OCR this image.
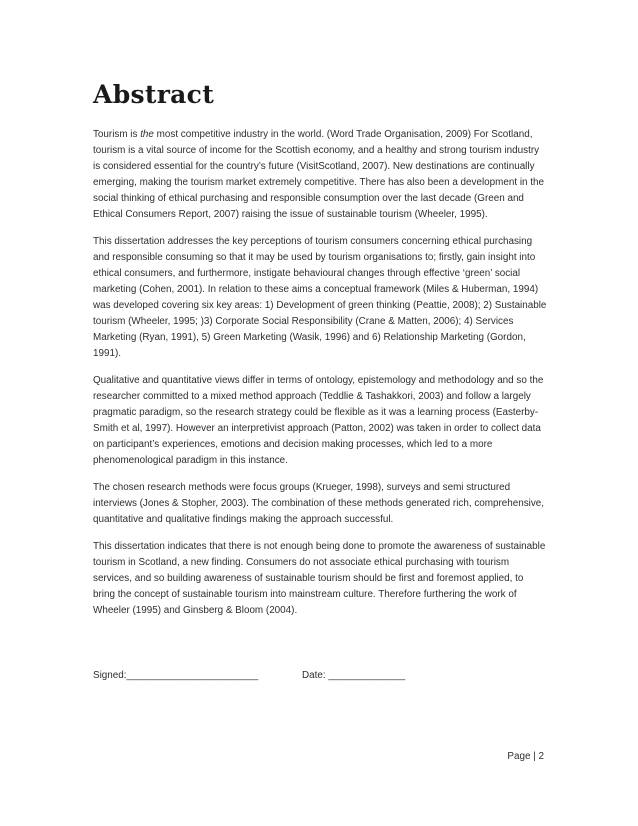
Abstract

Tourism is the most competitive industry in the world. (Word Trade Organisation, 2009) For Scotland, tourism is a vital source of income for the Scottish economy, and a healthy and strong tourism industry is considered essential for the country’s future (VisitScotland, 2007). New destinations are continually emerging, making the tourism market extremely competitive. There has also been a development in the social thinking of ethical purchasing and responsible consumption over the last decade (Green and Ethical Consumers Report, 2007) raising the issue of sustainable tourism (Wheeler, 1995).

This dissertation addresses the key perceptions of tourism consumers concerning ethical purchasing and responsible consuming so that it may be used by tourism organisations to; firstly, gain insight into ethical consumers, and furthermore, instigate behavioural changes through effective ‘green’ social marketing (Cohen, 2001). In relation to these aims a conceptual framework (Miles & Huberman, 1994) was developed covering six key areas: 1) Development of green thinking (Peattie, 2008); 2) Sustainable tourism (Wheeler, 1995; )3) Corporate Social Responsibility (Crane & Matten, 2006); 4) Services Marketing (Ryan, 1991), 5) Green Marketing (Wasik, 1996) and 6) Relationship Marketing (Gordon, 1991).

Qualitative and quantitative views differ in terms of ontology, epistemology and methodology and so the researcher committed to a mixed method approach (Teddlie & Tashakkori, 2003) and follow a largely pragmatic paradigm, so the research strategy could be flexible as it was a learning process (Easterby-Smith et al, 1997). However an interpretivist approach (Patton, 2002) was taken in order to collect data on participant’s experiences, emotions and decision making processes, which led to a more phenomenological paradigm in this instance.

The chosen research methods were focus groups (Krueger, 1998), surveys and semi structured interviews (Jones & Stopher, 2003). The combination of these methods generated rich, comprehensive, quantitative and qualitative findings making the approach successful.

This dissertation indicates that there is not enough being done to promote the awareness of sustainable tourism in Scotland, a new finding. Consumers do not associate ethical purchasing with tourism services, and so building awareness of sustainable tourism should be first and foremost applied, to bring the concept of sustainable tourism into mainstream culture. Therefore furthering the work of Wheeler (1995) and Ginsberg & Bloom (2004).

Signed:________________________	Date: ______________
Page | 2
